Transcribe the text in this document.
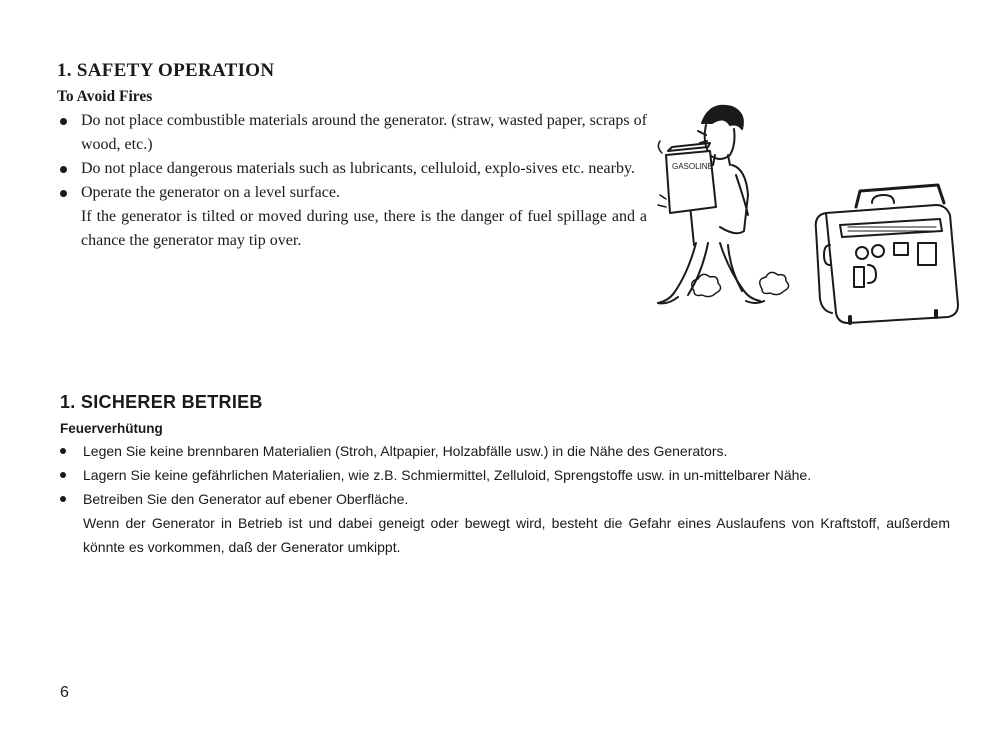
1. SAFETY OPERATION
To Avoid Fires
Do not place combustible materials around the generator. (straw, wasted paper, scraps of wood, etc.)
Do not place dangerous materials such as lubricants, celluloid, explo-sives etc. nearby.
Operate the generator on a level surface.
If the generator is tilted or moved during use, there is the danger of fuel spillage and a chance the generator may tip over.
GASOLINE
1. SICHERER BETRIEB
Feuerverhütung
Legen Sie keine brennbaren Materialien (Stroh, Altpapier, Holzabfälle usw.) in die Nähe des Generators.
Lagern Sie keine gefährlichen Materialien, wie z.B. Schmiermittel, Zelluloid, Sprengstoffe usw. in un-mittelbarer Nähe.
Betreiben Sie den Generator auf ebener Oberfläche.
Wenn der Generator in Betrieb ist und dabei geneigt oder bewegt wird, besteht die Gefahr eines Auslaufens von Kraftstoff, außerdem könnte es vorkommen, daß der Generator umkippt.
6
